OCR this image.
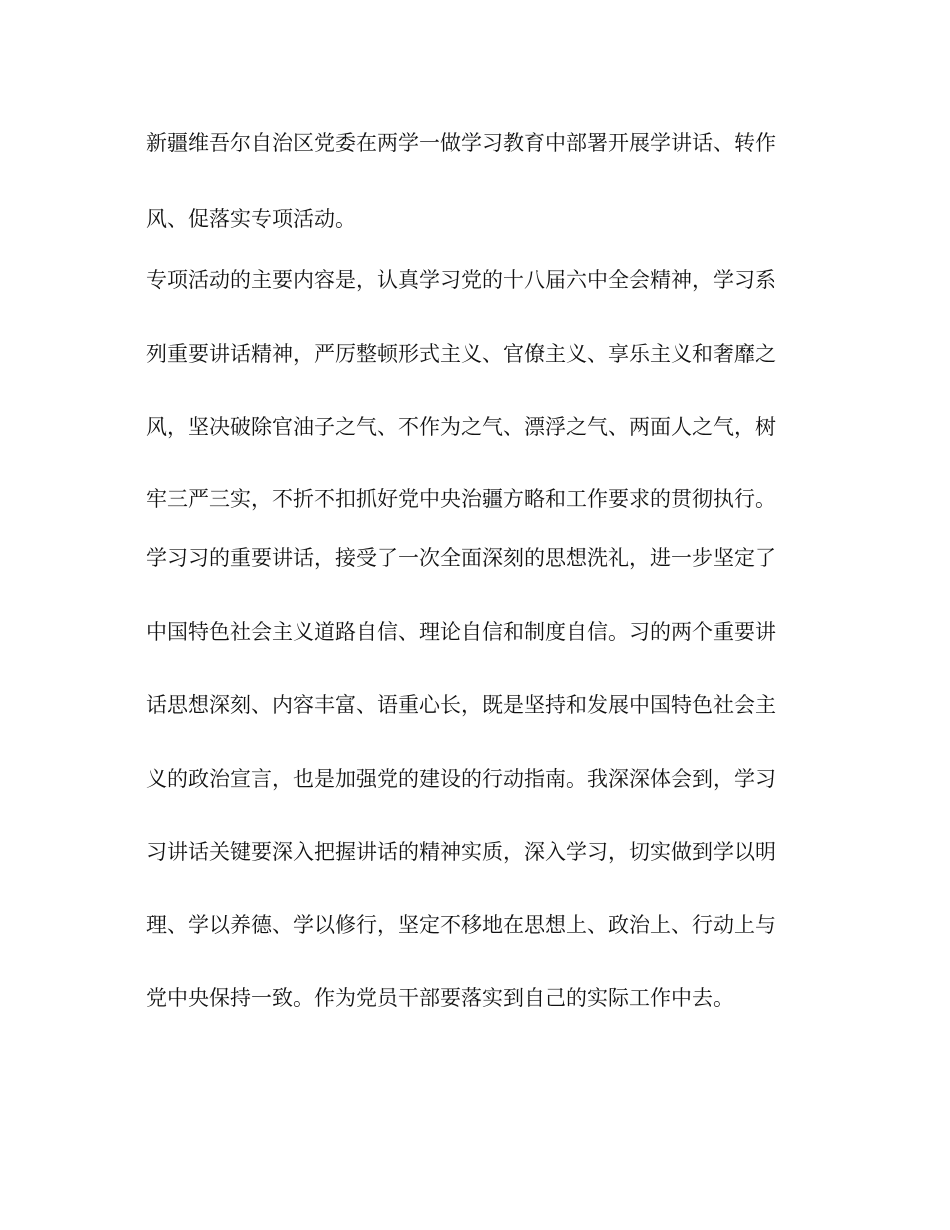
新疆维吾尔自治区党委在两学一做学习教育中部署开展学讲话、转作

风、促落实专项活动。

专项活动的主要内容是，认真学习党的十八届六中全会精神，学习系

列重要讲话精神，严厉整顿形式主义、官僚主义、享乐主义和奢靡之

风，坚决破除官油子之气、不作为之气、漂浮之气、两面人之气，树

牢三严三实，不折不扣抓好党中央治疆方略和工作要求的贯彻执行。

学习习的重要讲话，接受了一次全面深刻的思想洗礼，进一步坚定了

中国特色社会主义道路自信、理论自信和制度自信。习的两个重要讲

话思想深刻、内容丰富、语重心长，既是坚持和发展中国特色社会主

义的政治宣言，也是加强党的建设的行动指南。我深深体会到，学习

习讲话关键要深入把握讲话的精神实质，深入学习，切实做到学以明

理、学以养德、学以修行，坚定不移地在思想上、政治上、行动上与

党中央保持一致。作为党员干部要落实到自己的实际工作中去。
